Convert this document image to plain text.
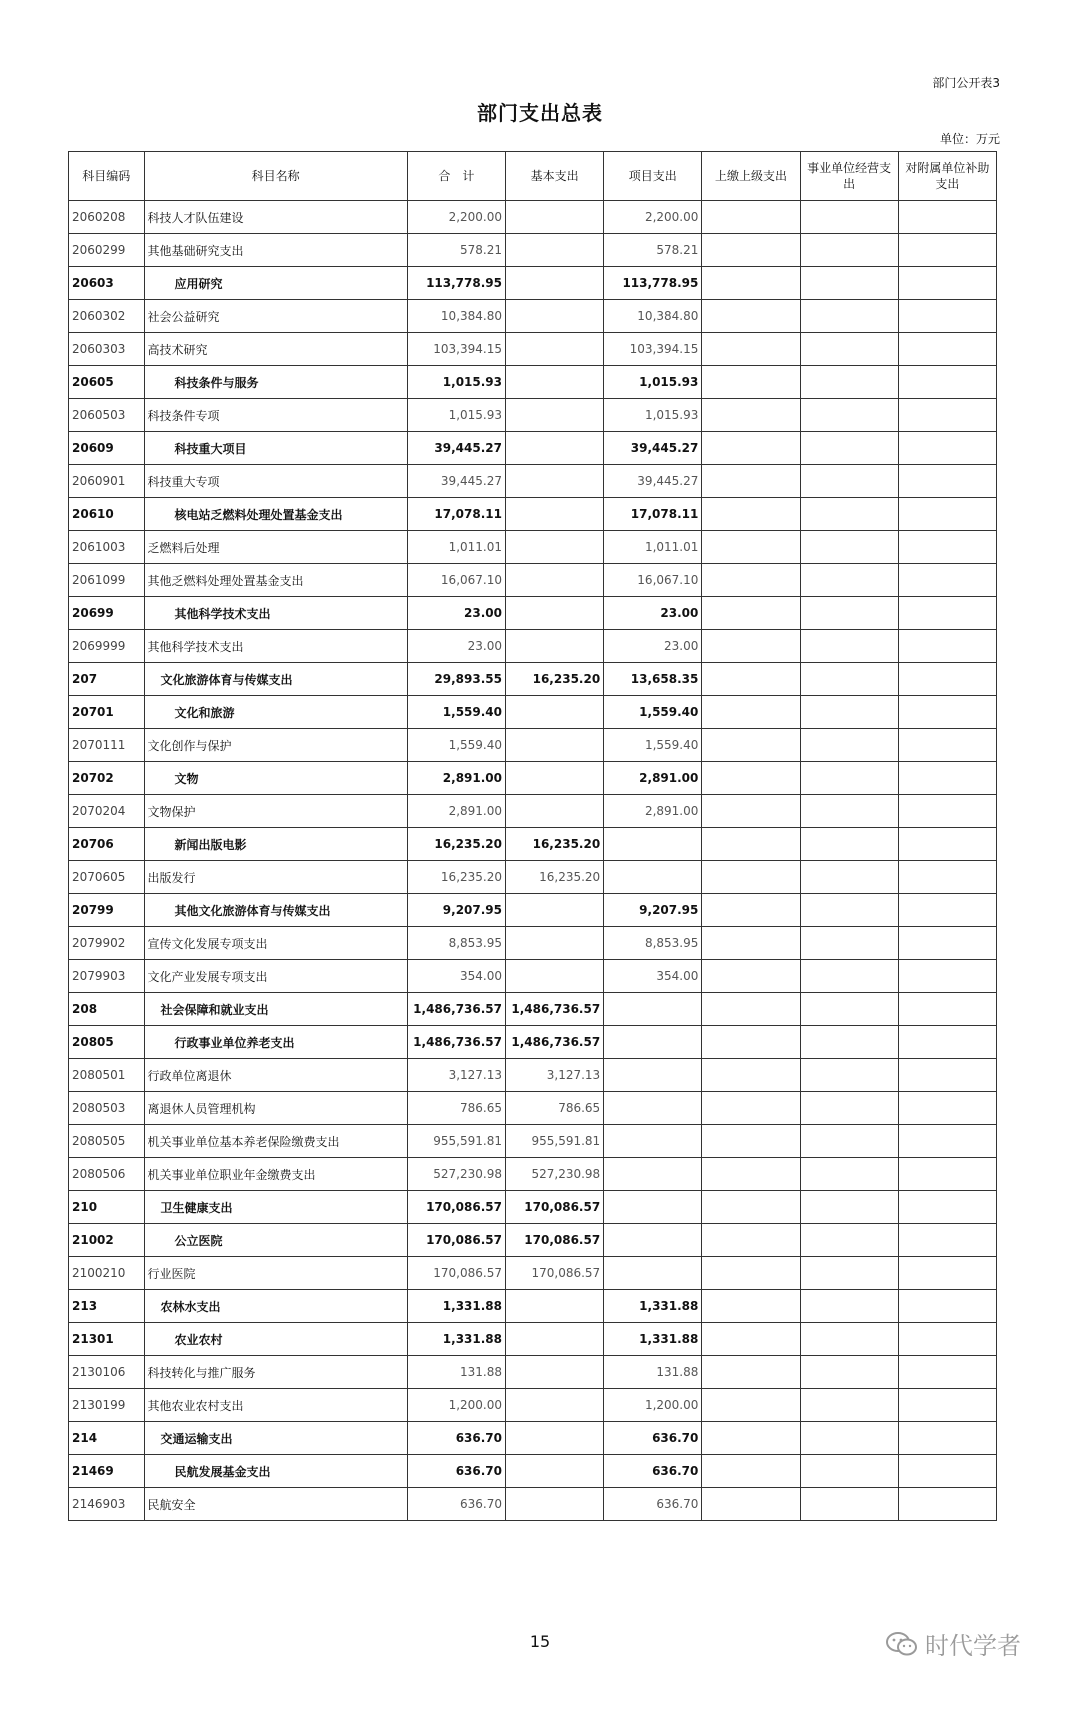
部门公开表3
部门支出总表
单位：万元
科目编码	科目名称	合　计	基本支出	项目支出	上缴上级支出	事业单位经营支出	对附属单位补助支出
2060208	科技人才队伍建设	2,200.00		2,200.00			
2060299	其他基础研究支出	578.21		578.21			
20603	应用研究	113,778.95		113,778.95			
2060302	社会公益研究	10,384.80		10,384.80			
2060303	高技术研究	103,394.15		103,394.15			
20605	科技条件与服务	1,015.93		1,015.93			
2060503	科技条件专项	1,015.93		1,015.93			
20609	科技重大项目	39,445.27		39,445.27			
2060901	科技重大专项	39,445.27		39,445.27			
20610	核电站乏燃料处理处置基金支出	17,078.11		17,078.11			
2061003	乏燃料后处理	1,011.01		1,011.01			
2061099	其他乏燃料处理处置基金支出	16,067.10		16,067.10			
20699	其他科学技术支出	23.00		23.00			
2069999	其他科学技术支出	23.00		23.00			
207	文化旅游体育与传媒支出	29,893.55	16,235.20	13,658.35			
20701	文化和旅游	1,559.40		1,559.40			
2070111	文化创作与保护	1,559.40		1,559.40			
20702	文物	2,891.00		2,891.00			
2070204	文物保护	2,891.00		2,891.00			
20706	新闻出版电影	16,235.20	16,235.20				
2070605	出版发行	16,235.20	16,235.20				
20799	其他文化旅游体育与传媒支出	9,207.95		9,207.95			
2079902	宣传文化发展专项支出	8,853.95		8,853.95			
2079903	文化产业发展专项支出	354.00		354.00			
208	社会保障和就业支出	1,486,736.57	1,486,736.57				
20805	行政事业单位养老支出	1,486,736.57	1,486,736.57				
2080501	行政单位离退休	3,127.13	3,127.13				
2080503	离退休人员管理机构	786.65	786.65				
2080505	机关事业单位基本养老保险缴费支出	955,591.81	955,591.81				
2080506	机关事业单位职业年金缴费支出	527,230.98	527,230.98				
210	卫生健康支出	170,086.57	170,086.57				
21002	公立医院	170,086.57	170,086.57				
2100210	行业医院	170,086.57	170,086.57				
213	农林水支出	1,331.88		1,331.88			
21301	农业农村	1,331.88		1,331.88			
2130106	科技转化与推广服务	131.88		131.88			
2130199	其他农业农村支出	1,200.00		1,200.00			
214	交通运输支出	636.70		636.70			
21469	民航发展基金支出	636.70		636.70			
2146903	民航安全	636.70		636.70			
15	时代学者
